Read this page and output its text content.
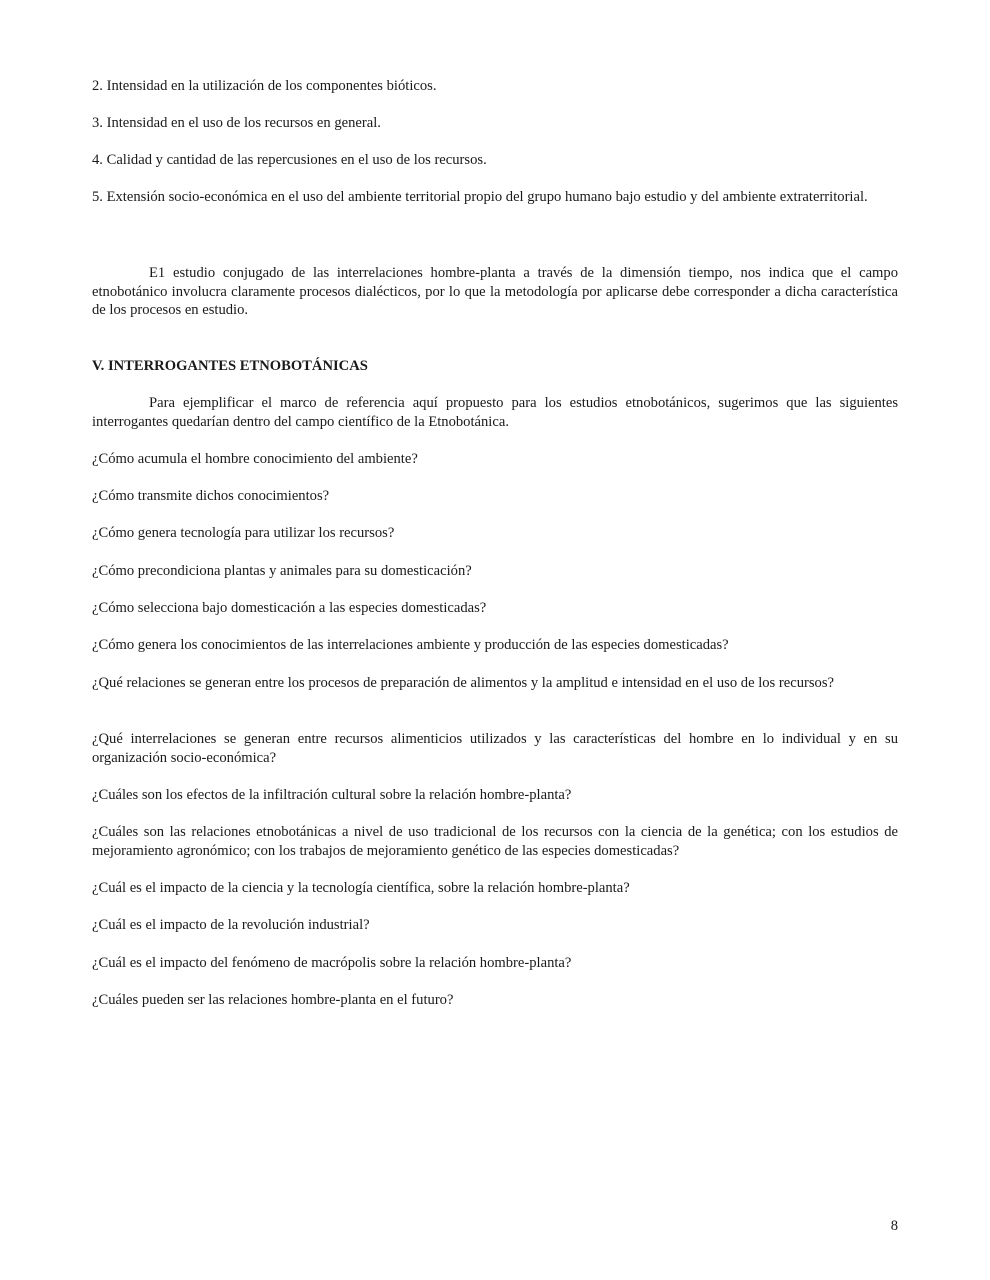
2. Intensidad en la utilización de los componentes bióticos.

3. Intensidad en el uso de los recursos en general.

4. Calidad y cantidad de las repercusiones en el uso de los recursos.

5. Extensión socio-económica en el uso del ambiente territorial propio del grupo humano bajo estudio y del ambiente extraterritorial.

E1 estudio conjugado de las interrelaciones hombre-planta a través de la dimensión tiempo, nos indica que el campo etnobotánico involucra claramente procesos dialécticos, por lo que la metodología por aplicarse debe corresponder a dicha característica de los procesos en estudio.

V. INTERROGANTES ETNOBOTÁNICAS

Para ejemplificar el marco de referencia aquí propuesto para los estudios etnobotánicos, sugerimos que las siguientes interrogantes quedarían dentro del campo científico de la Etnobotánica.

¿Cómo acumula el hombre conocimiento del ambiente?

¿Cómo transmite dichos conocimientos?

¿Cómo genera tecnología para utilizar los recursos?

¿Cómo precondiciona plantas y animales para su domesticación?

¿Cómo selecciona bajo domesticación a las especies domesticadas?

¿Cómo genera los conocimientos de las interrelaciones ambiente y producción de las especies domesticadas?

¿Qué relaciones se generan entre los procesos de preparación de alimentos y la amplitud e intensidad en el uso de los recursos?

¿Qué interrelaciones se generan entre recursos alimenticios utilizados y las características del hombre en lo individual y en su organización socio-económica?

¿Cuáles son los efectos de la infiltración cultural sobre la relación hombre-planta?

¿Cuáles son las relaciones etnobotánicas a nivel de uso tradicional de los recursos con la ciencia de la genética; con los estudios de mejoramiento agronómico; con los trabajos de mejoramiento genético de las especies domesticadas?

¿Cuál es el impacto de la ciencia y la tecnología científica, sobre la relación hombre-planta?

¿Cuál es el impacto de la revolución industrial?

¿Cuál es el impacto del fenómeno de macrópolis sobre la relación hombre-planta?

¿Cuáles pueden ser las relaciones hombre-planta en el futuro?

8
